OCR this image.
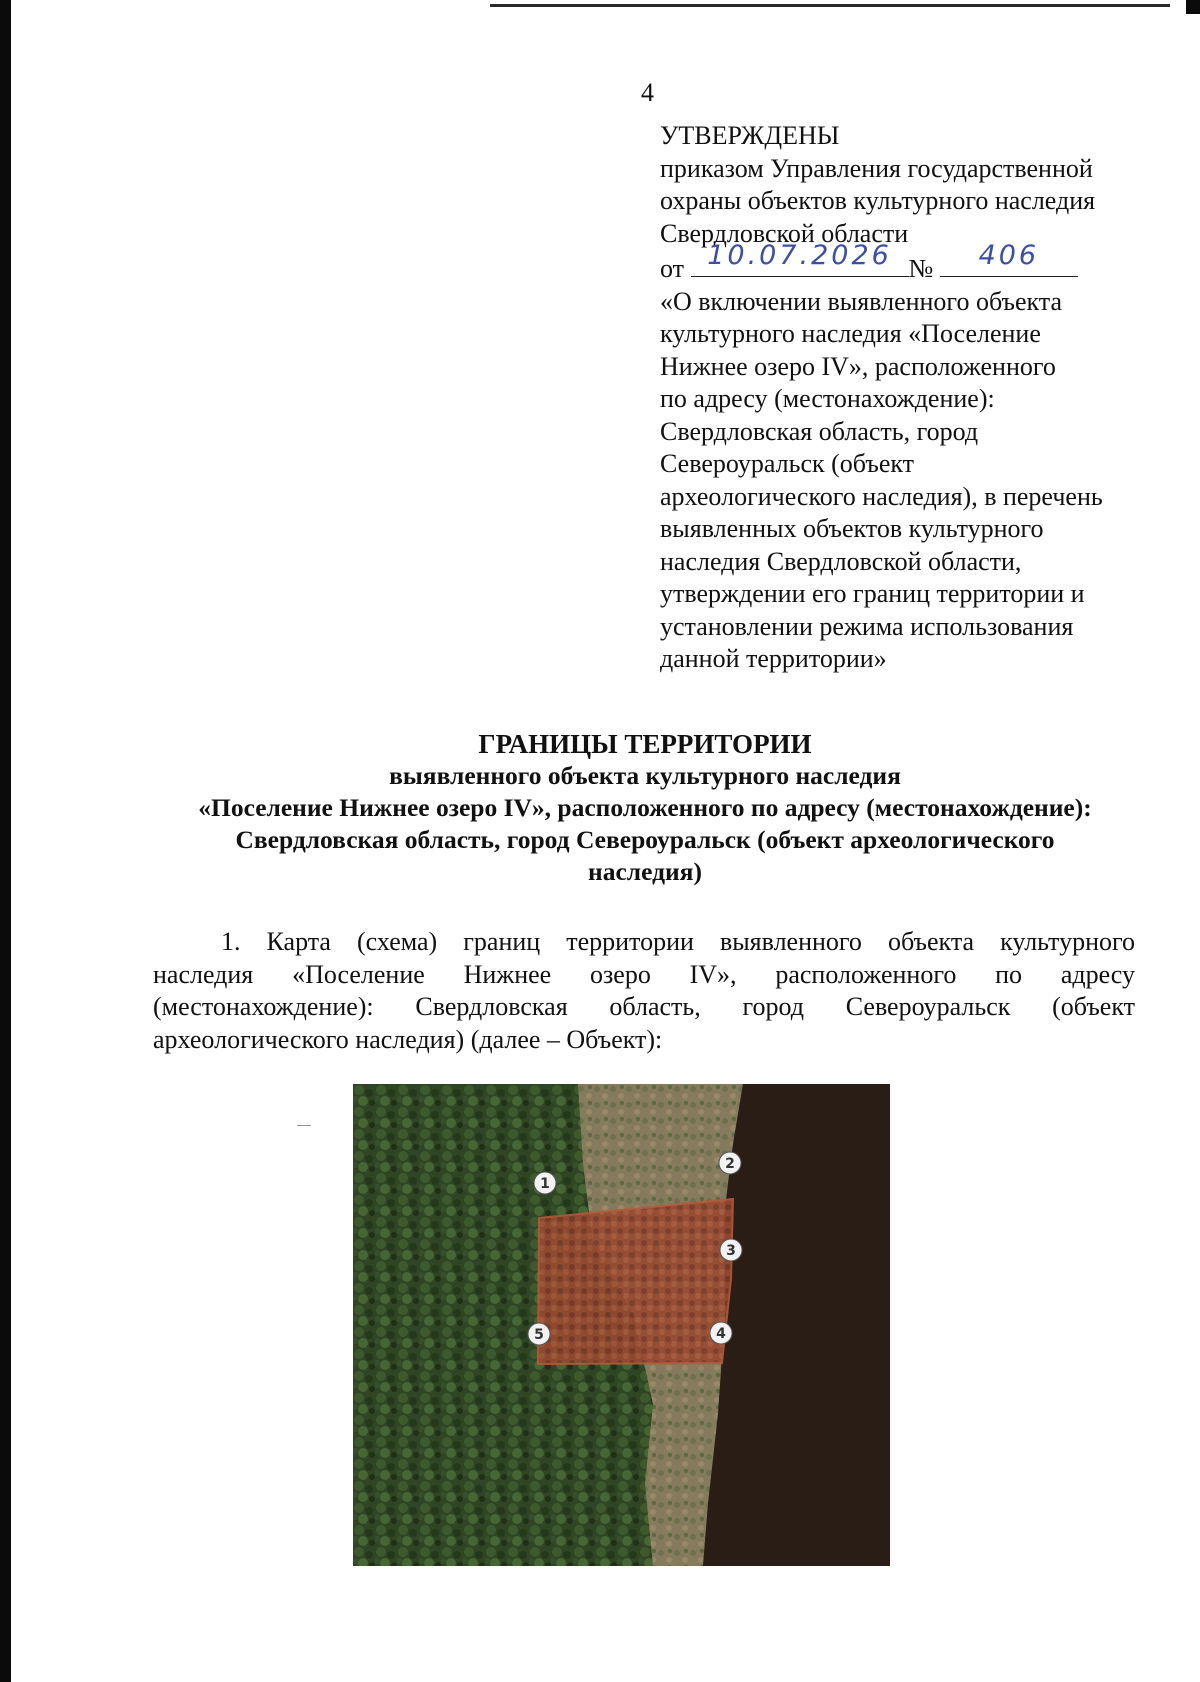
4
УТВЕРЖДЕНЫ
приказом Управления государственной
охраны объектов культурного наследия
Свердловской области
от 10.07.2026 №	406
«О включении выявленного объекта
культурного наследия «Поселение
Нижнее озеро IV», расположенного
по адресу (местонахождение):
Свердловская область, город
Североуральск (объект
археологического наследия), в перечень
выявленных объектов культурного
наследия Свердловской области,
утверждении его границ территории и
установлении режима использования
данной территории»
ГРАНИЦЫ ТЕРРИТОРИИ
выявленного объекта культурного наследия
«Поселение Нижнее озеро IV», расположенного по адресу (местонахождение):
Свердловская область, город Североуральск (объект археологического
наследия)
1. Карта (схема) границ территории выявленного объекта культурного
наследия «Поселение Нижнее озеро IV», расположенного по адресу
(местонахождение): Свердловская область, город Североуральск (объект
археологического наследия) (далее – Объект):
1
2
3
4
5
